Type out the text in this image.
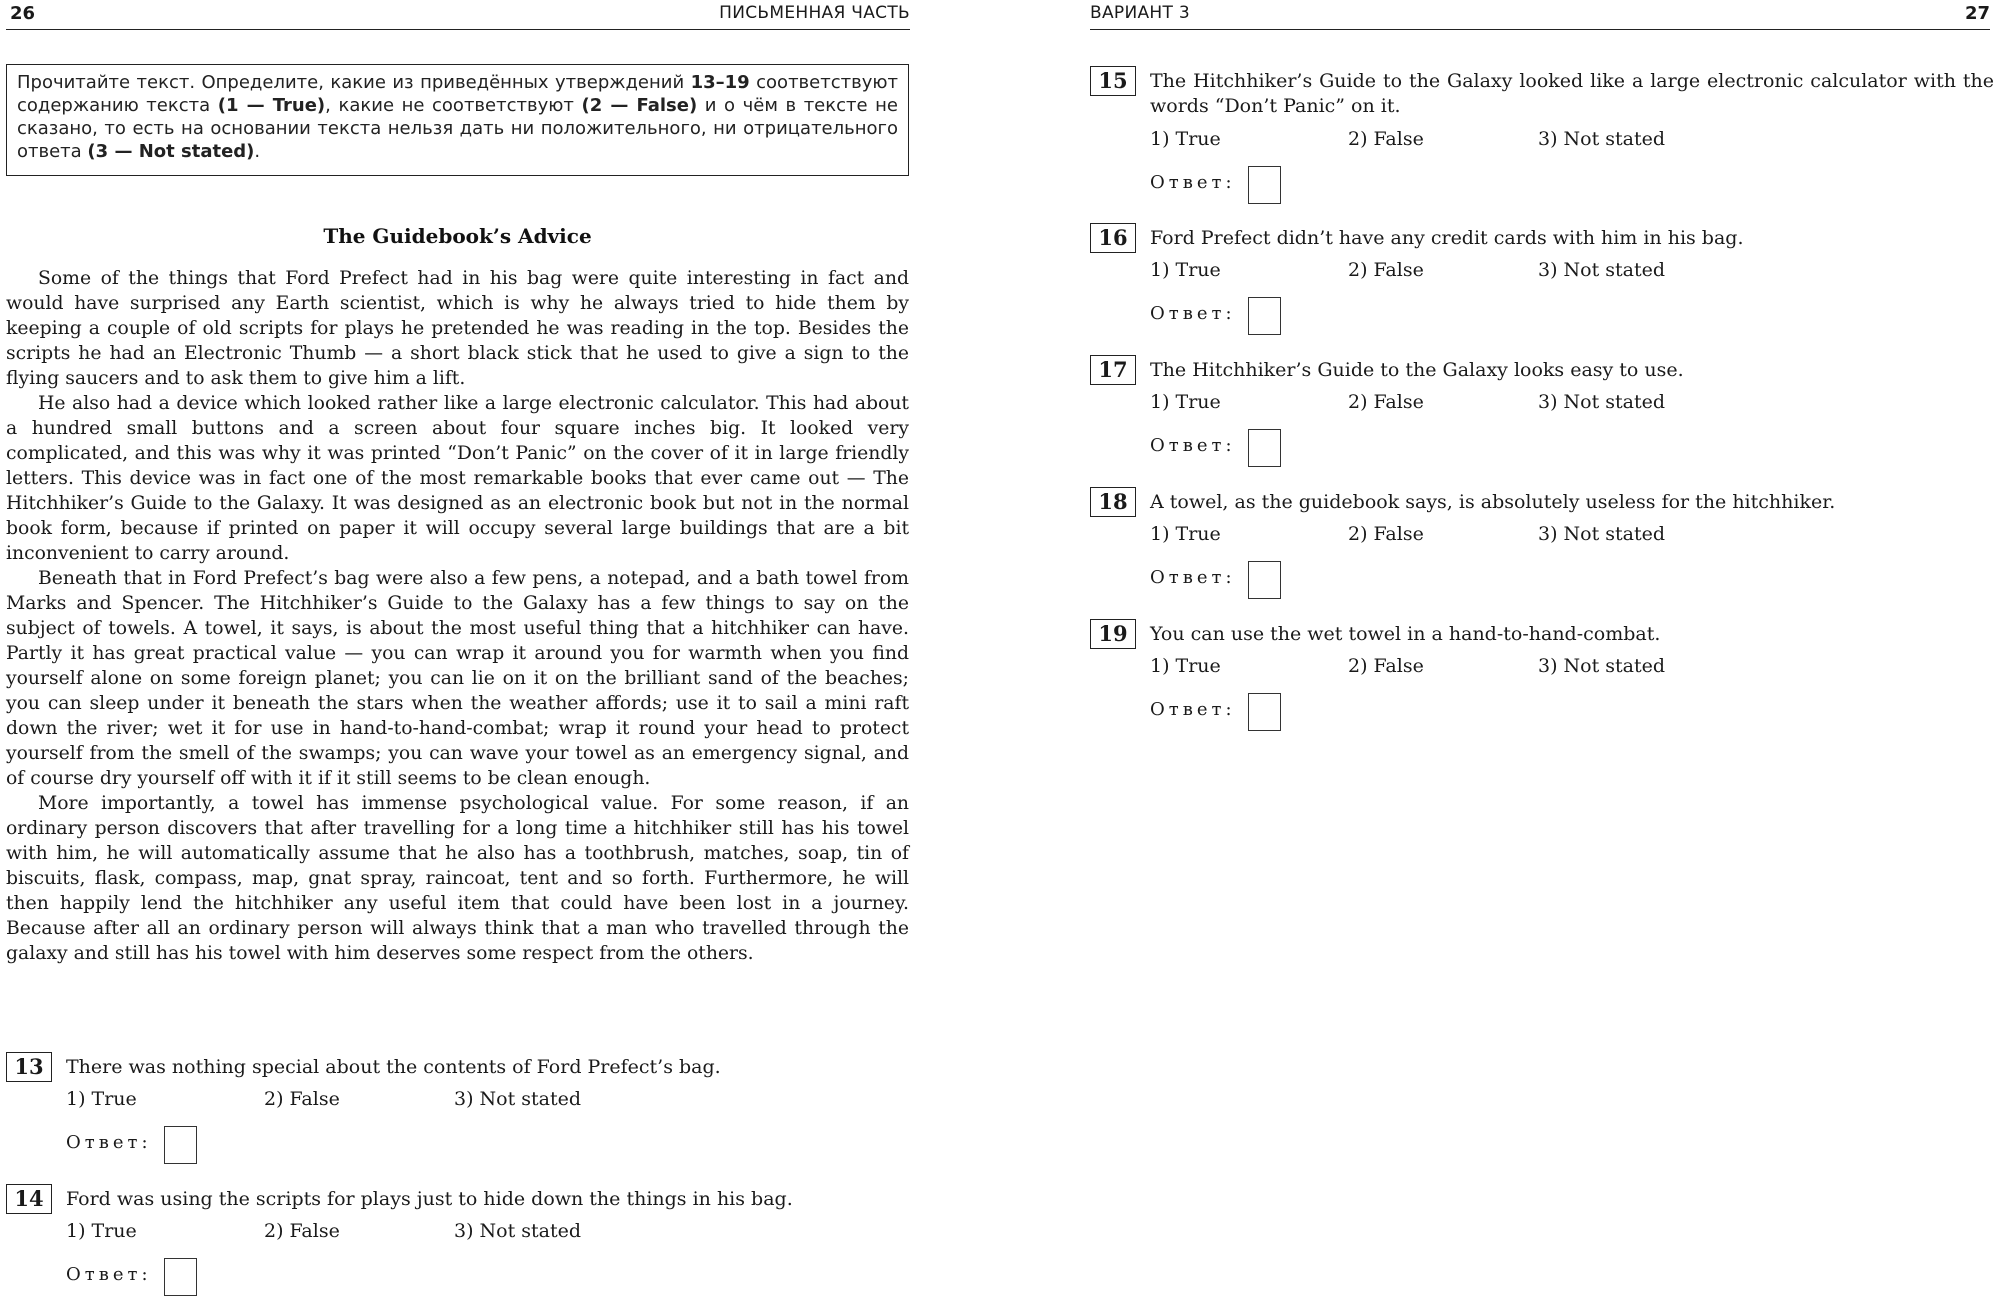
26	ПИСЬМЕННАЯ ЧАСТЬ
Прочитайте текст. Определите, какие из приведённых утверждений 13–19 соответствуют содержанию текста (1 — True), какие не соответствуют (2 — False) и о чём в тексте не сказано, то есть на основании текста нельзя дать ни положительного, ни отрицательного ответа (3 — Not stated).
The Guidebook’s Advice

Some of the things that Ford Prefect had in his bag were quite interesting in fact and would have surprised any Earth scientist, which is why he always tried to hide them by keeping a couple of old scripts for plays he pretended he was reading in the top. Besides the scripts he had an Electronic Thumb — a short black stick that he used to give a sign to the flying saucers and to ask them to give him a lift.

He also had a device which looked rather like a large electronic calculator. This had about a hundred small buttons and a screen about four square inches big. It looked very complicated, and this was why it was printed “Don’t Panic” on the cover of it in large friendly letters. This device was in fact one of the most remarkable books that ever came out — The Hitchhiker’s Guide to the Galaxy. It was designed as an electronic book but not in the normal book form, because if printed on paper it will occupy several large buildings that are a bit inconvenient to carry around.

Beneath that in Ford Prefect’s bag were also a few pens, a notepad, and a bath towel from Marks and Spencer. The Hitchhiker’s Guide to the Galaxy has a few things to say on the subject of towels. A towel, it says, is about the most useful thing that a hitchhiker can have. Partly it has great practical value — you can wrap it around you for warmth when you find yourself alone on some foreign planet; you can lie on it on the brilliant sand of the beaches; you can sleep under it beneath the stars when the weather affords; use it to sail a mini raft down the river; wet it for use in hand-to-hand-combat; wrap it round your head to protect yourself from the smell of the swamps; you can wave your towel as an emergency signal, and of course dry yourself off with it if it still seems to be clean enough.

More importantly, a towel has immense psychological value. For some reason, if an ordinary person discovers that after travelling for a long time a hitchhiker still has his towel with him, he will automatically assume that he also has a toothbrush, matches, soap, tin of biscuits, flask, compass, map, gnat spray, raincoat, tent and so forth. Furthermore, he will then happily lend the hitchhiker any useful item that could have been lost in a journey. Because after all an ordinary person will always think that a man who travelled through the galaxy and still has his towel with him deserves some respect from the others.

13	There was nothing special about the contents of Ford Prefect’s bag.
1) True	2) False	3) Not stated
Ответ:
14	Ford was using the scripts for plays just to hide down the things in his bag.
1) True	2) False	3) Not stated
Ответ:
ВАРИАНТ 3	27
15	The Hitchhiker’s Guide to the Galaxy looked like a large electronic calculator with the words “Don’t Panic” on it.
1) True	2) False	3) Not stated
Ответ:
16	Ford Prefect didn’t have any credit cards with him in his bag.
1) True	2) False	3) Not stated
Ответ:
17	The Hitchhiker’s Guide to the Galaxy looks easy to use.
1) True	2) False	3) Not stated
Ответ:
18	A towel, as the guidebook says, is absolutely useless for the hitchhiker.
1) True	2) False	3) Not stated
Ответ:
19	You can use the wet towel in a hand-to-hand-combat.
1) True	2) False	3) Not stated
Ответ:
